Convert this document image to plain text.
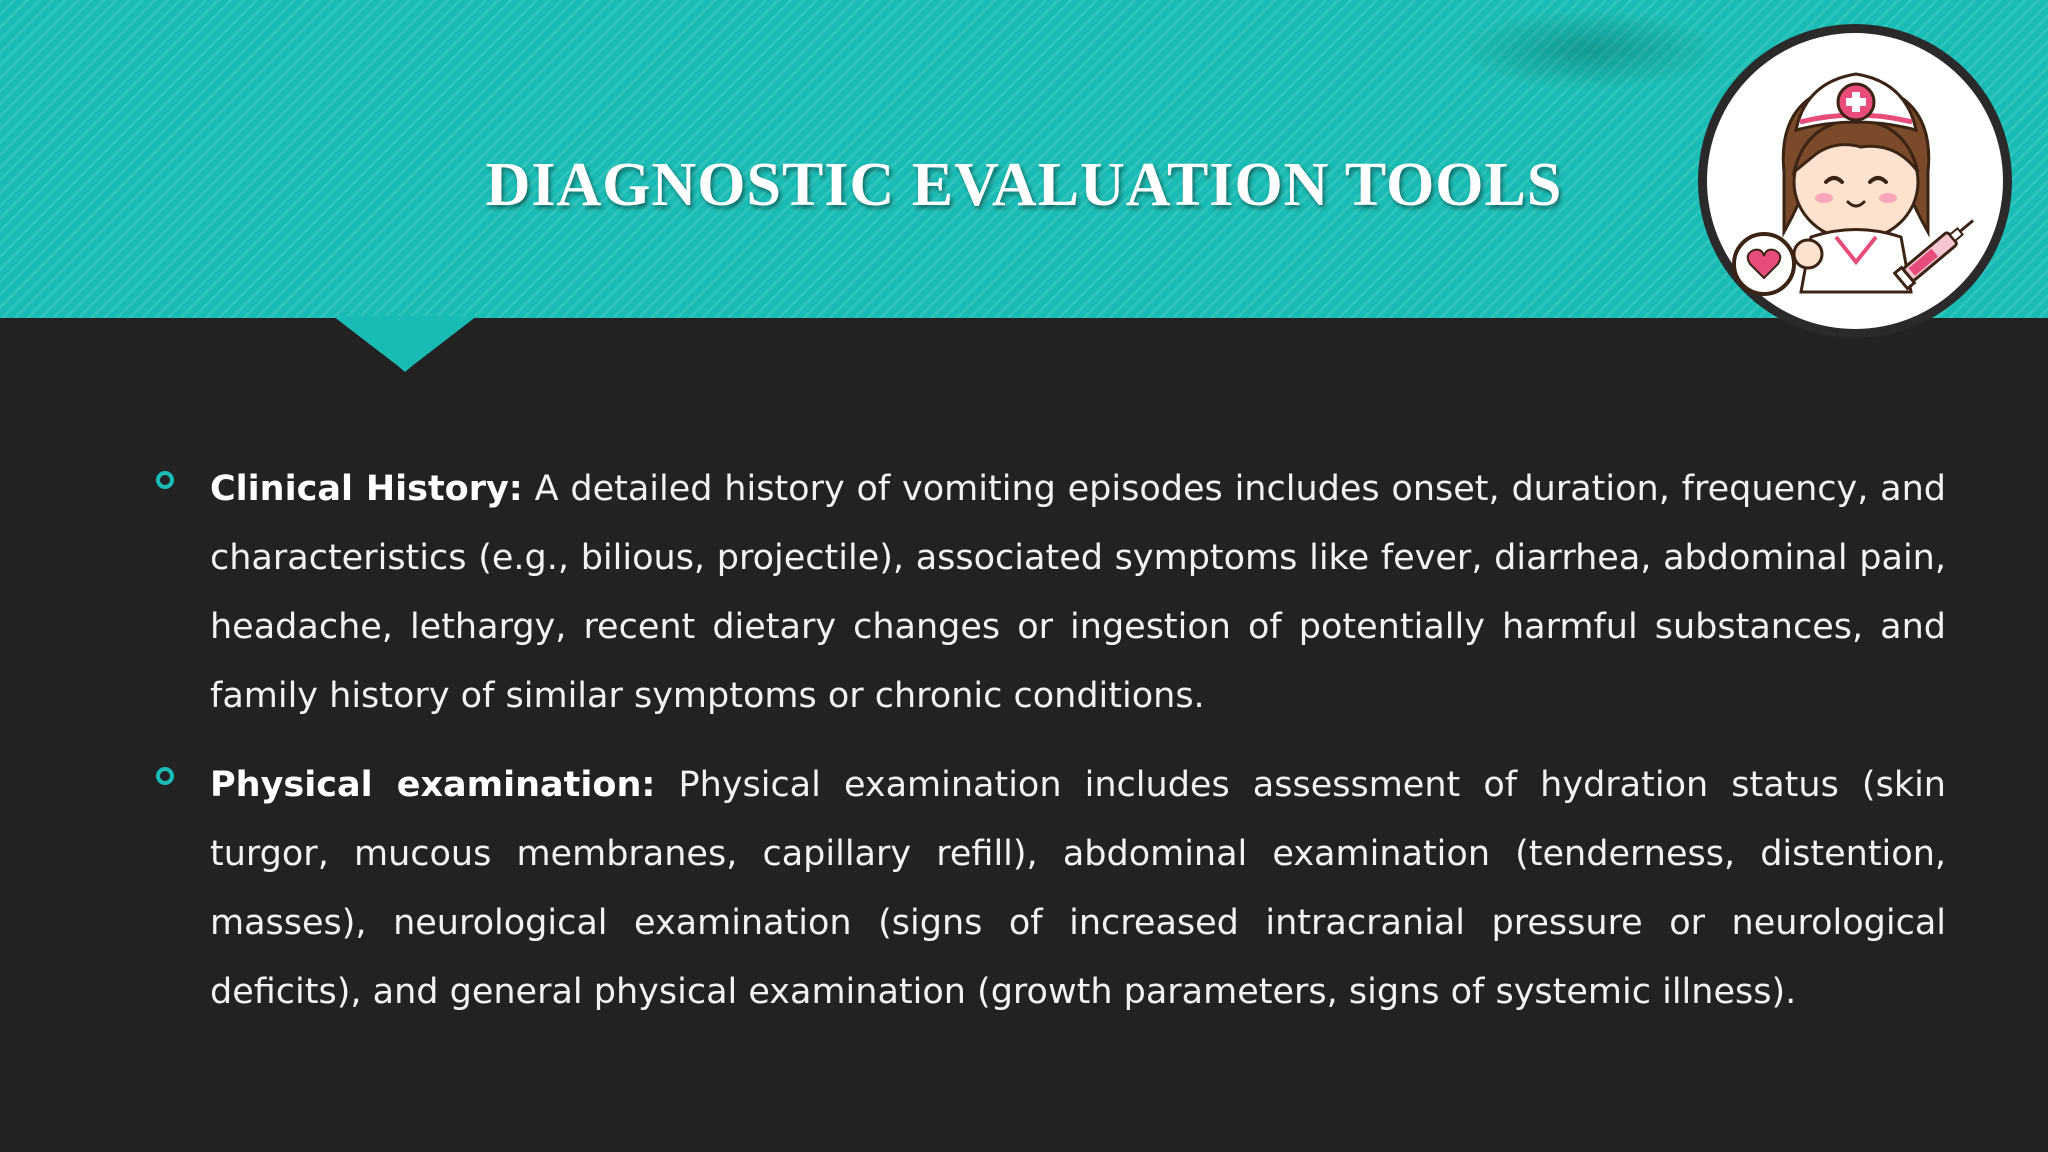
DIAGNOSTIC EVALUATION TOOLS

Clinical History: A detailed history of vomiting episodes includes onset, duration, frequency, and characteristics (e.g., bilious, projectile), associated symptoms like fever, diarrhea, abdominal pain, headache, lethargy, recent dietary changes or ingestion of potentially harmful substances, and family history of similar symptoms or chronic conditions.

Physical examination: Physical examination includes assessment of hydration status (skin turgor, mucous membranes, capillary refill), abdominal examination (tenderness, distention, masses), neurological examination (signs of increased intracranial pressure or neurological deficits), and general physical examination (growth parameters, signs of systemic illness).
